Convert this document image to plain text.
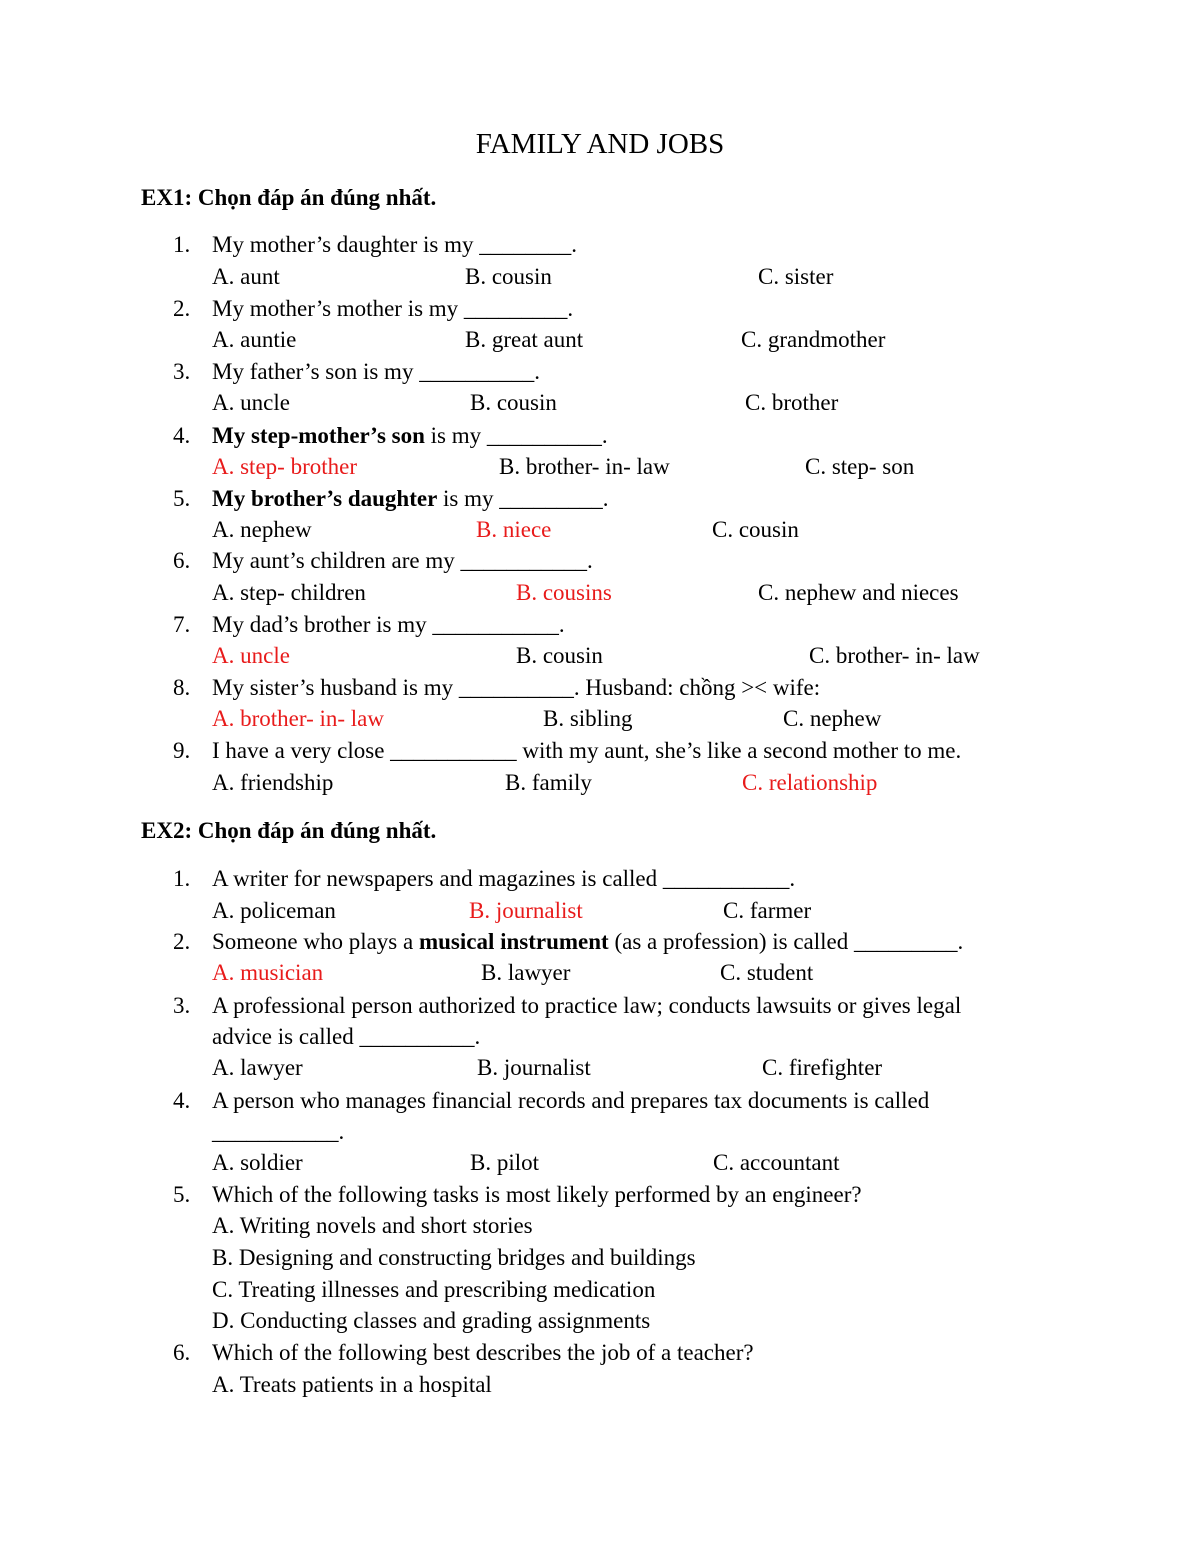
FAMILY AND JOBS
EX1: Chọn đáp án đúng nhất.
1. My mother’s daughter is my ________.
A. aunt	B. cousin	C. sister
2. My mother’s mother is my _________.
A. auntie	B. great aunt	C. grandmother
3. My father’s son is my __________.
A. uncle	B. cousin	C. brother
4. My step-mother’s son is my __________.
A. step- brother	B. brother- in- law	C. step- son
5. My brother’s daughter is my _________.
A. nephew	B. niece	C. cousin
6. My aunt’s children are my ___________.
A. step- children	B. cousins	C. nephew and nieces
7. My dad’s brother is my ___________.
A. uncle	B. cousin	C. brother- in- law
8. My sister’s husband is my __________. Husband: chồng >< wife:
A. brother- in- law	B. sibling	C. nephew
9. I have a very close ___________ with my aunt, she’s like a second mother to me.
A. friendship	B. family	C. relationship
EX2: Chọn đáp án đúng nhất.
1. A writer for newspapers and magazines is called ___________.
A. policeman	B. journalist	C. farmer
2. Someone who plays a musical instrument (as a profession) is called _________.
A. musician	B. lawyer	C. student
3. A professional person authorized to practice law; conducts lawsuits or gives legal
advice is called __________.
A. lawyer	B. journalist	C. firefighter
4. A person who manages financial records and prepares tax documents is called
___________.
A. soldier	B. pilot	C. accountant
5. Which of the following tasks is most likely performed by an engineer?
A. Writing novels and short stories
B. Designing and constructing bridges and buildings
C. Treating illnesses and prescribing medication
D. Conducting classes and grading assignments
6. Which of the following best describes the job of a teacher?
A. Treats patients in a hospital
